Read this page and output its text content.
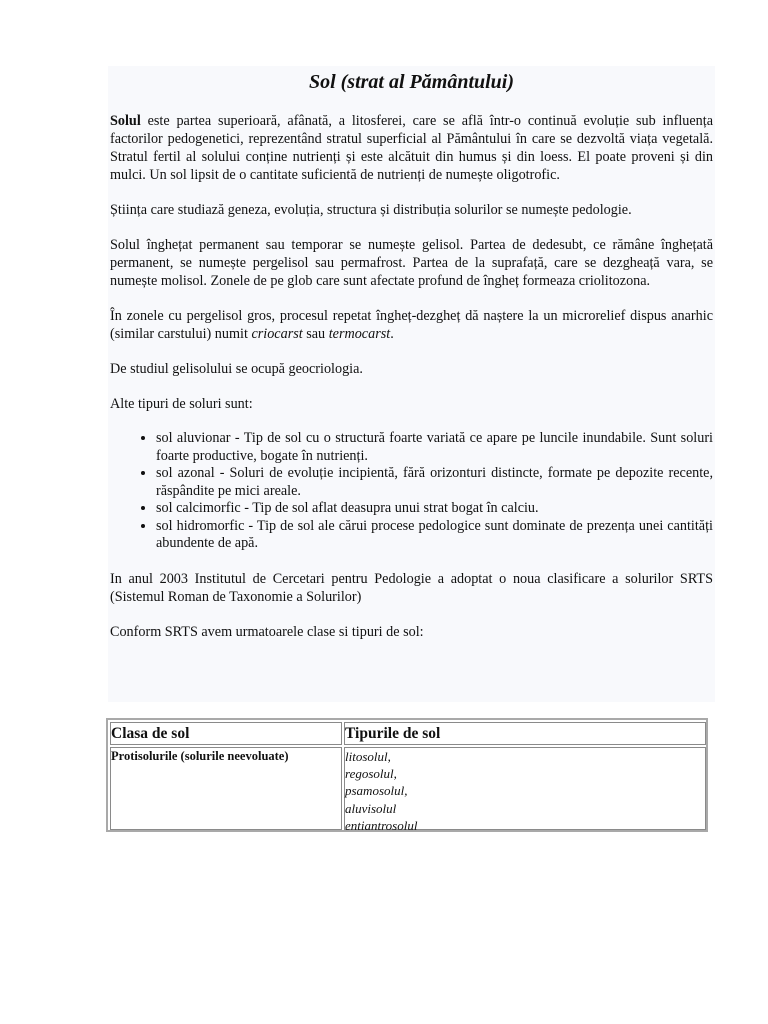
Sol (strat al Pământului)

Solul este partea superioară, afânată, a litosferei, care se află într-o continuă evoluție sub influența factorilor pedogenetici, reprezentând stratul superficial al Pământului în care se dezvoltă viața vegetală. Stratul fertil al solului conține nutrienți și este alcătuit din humus și din loess. El poate proveni și din mulci. Un sol lipsit de o cantitate suficientă de nutrienți de numește oligotrofic.

Știința care studiază geneza, evoluția, structura și distribuția solurilor se numește pedologie.

Solul înghețat permanent sau temporar se numește gelisol. Partea de dedesubt, ce rămâne înghețată permanent, se numește pergelisol sau permafrost. Partea de la suprafață, care se dezgheață vara, se numește molisol. Zonele de pe glob care sunt afectate profund de îngheț formeaza criolitozona.

În zonele cu pergelisol gros, procesul repetat îngheț-dezgheț dă naștere la un microrelief dispus anarhic (similar carstului) numit criocarst sau termocarst.

De studiul gelisolului se ocupă geocriologia.

Alte tipuri de soluri sunt:

• sol aluvionar - Tip de sol cu o structură foarte variată ce apare pe luncile inundabile. Sunt soluri foarte productive, bogate în nutrienți.
• sol azonal - Soluri de evoluție incipientă, fără orizonturi distincte, formate pe depozite recente, răspândite pe mici areale.
• sol calcimorfic - Tip de sol aflat deasupra unui strat bogat în calciu.
• sol hidromorfic - Tip de sol ale cărui procese pedologice sunt dominate de prezența unei cantități abundente de apă.

In anul 2003 Institutul de Cercetari pentru Pedologie a adoptat o noua clasificare a solurilor SRTS (Sistemul Roman de Taxonomie a Solurilor)

Conform SRTS avem urmatoarele clase si tipuri de sol:

Clasa de sol	Tipurile de sol
Protisolurile (solurile neevoluate)	litosolul,
regosolul,
psamosolul,
aluvisolul
entiantrosolul
